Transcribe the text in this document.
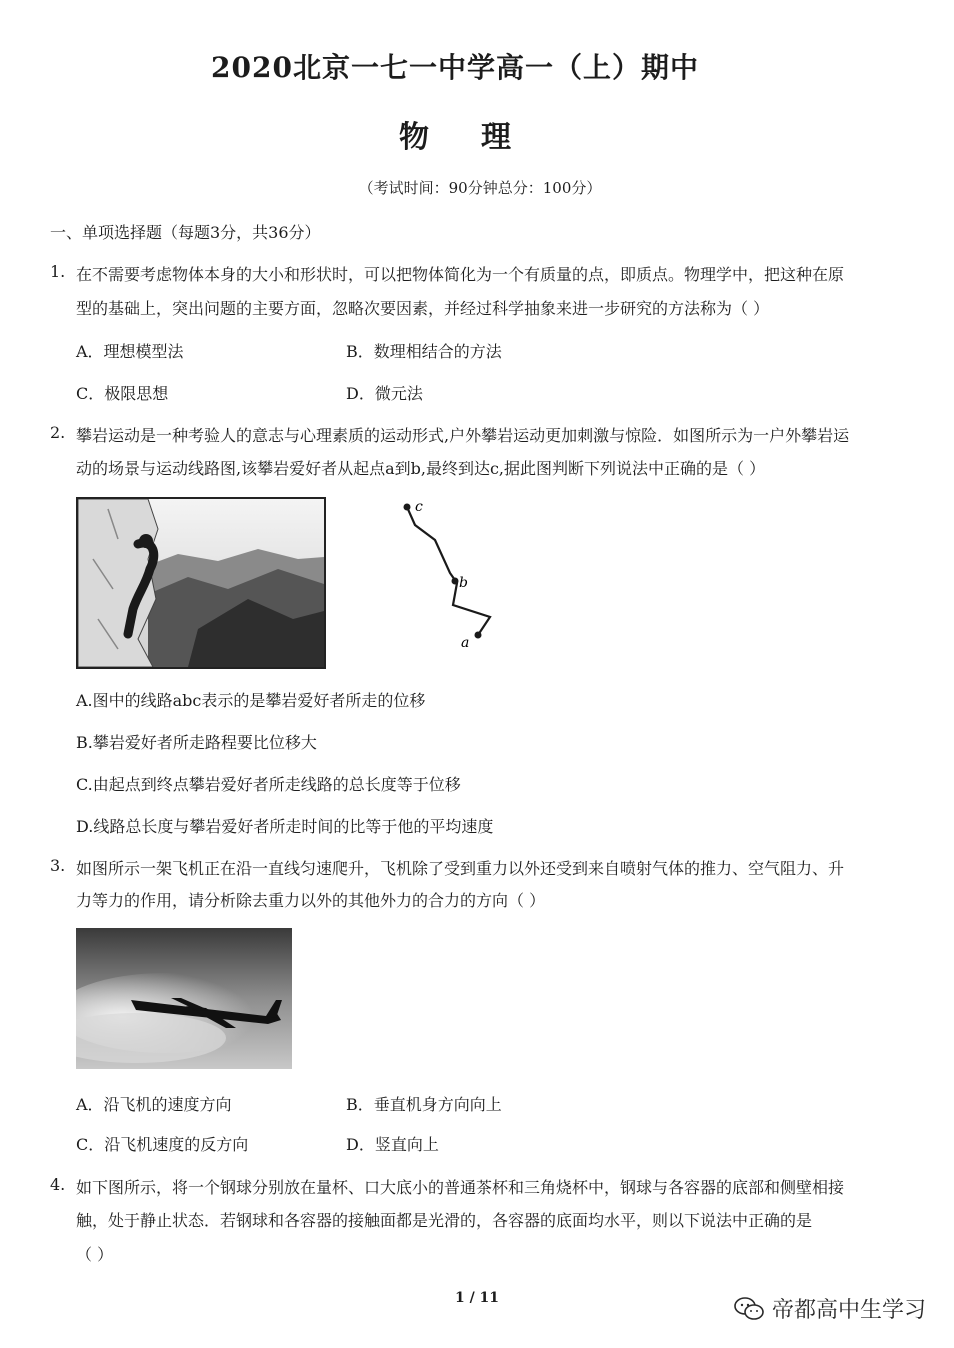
2020北京一七一中学高一（上）期中
物理
（考试时间：90分钟总分：100分）
一、单项选择题（每题3分，共36分）
1. 在不需要考虑物体本身的大小和形状时，可以把物体简化为一个有质量的点，即质点。物理学中，把这种在原
型的基础上，突出问题的主要方面，忽略次要因素，并经过科学抽象来进一步研究的方法称为（ ）
A．理想模型法	B．数理相结合的方法
C．极限思想	D．微元法
2. 攀岩运动是一种考验人的意志与心理素质的运动形式,户外攀岩运动更加刺激与惊险．如图所示为一户外攀岩运
动的场景与运动线路图,该攀岩爱好者从起点a到b,最终到达c,据此图判断下列说法中正确的是（ ）
c
b
a
A.图中的线路abc表示的是攀岩爱好者所走的位移
B.攀岩爱好者所走路程要比位移大
C.由起点到终点攀岩爱好者所走线路的总长度等于位移
D.线路总长度与攀岩爱好者所走时间的比等于他的平均速度
3. 如图所示一架飞机正在沿一直线匀速爬升，飞机除了受到重力以外还受到来自喷射气体的推力、空气阻力、升
力等力的作用，请分析除去重力以外的其他外力的合力的方向（ ）
A．沿飞机的速度方向	B．垂直机身方向向上
C．沿飞机速度的反方向	D．竖直向上
4. 如下图所示，将一个钢球分别放在量杯、口大底小的普通茶杯和三角烧杯中，钢球与各容器的底部和侧壁相接
触，处于静止状态．若钢球和各容器的接触面都是光滑的，各容器的底面均水平，则以下说法中正确的是
（ ）
1 / 11	帝都高中生学习
